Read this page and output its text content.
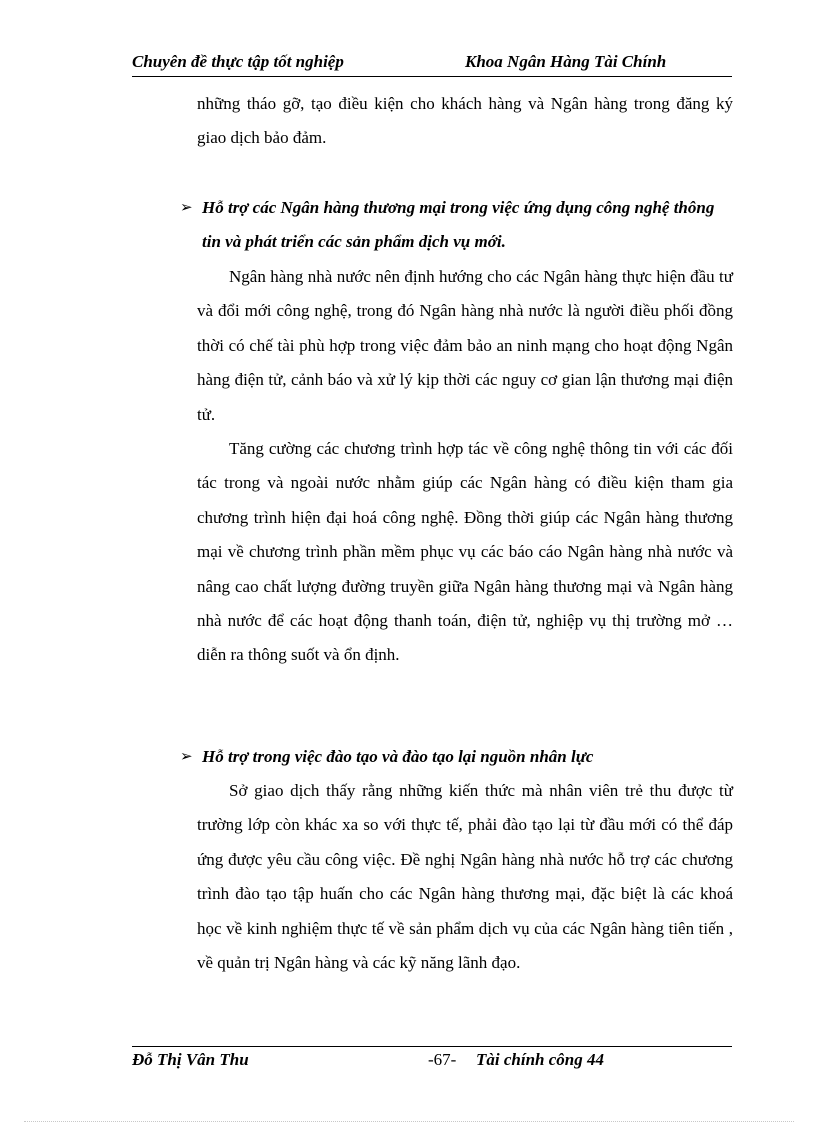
Chuyên đề thực tập tốt nghiệp	Khoa Ngân Hàng Tài Chính

những tháo gỡ, tạo điều kiện cho khách hàng và Ngân hàng trong đăng ký giao dịch bảo đảm.

➢ Hỗ trợ các Ngân hàng thương mại trong việc ứng dụng công nghệ thông tin và phát triển các sản phẩm dịch vụ mới.

Ngân hàng nhà nước nên định hướng cho các Ngân hàng thực hiện đầu tư và đổi mới công nghệ, trong đó Ngân hàng nhà nước là người điều phối đồng thời có chế tài phù hợp trong việc đảm bảo an ninh mạng cho hoạt động Ngân hàng điện tử, cảnh báo và xử lý kịp thời các nguy cơ gian lận thương mại điện tử.

Tăng cường các chương trình hợp tác về công nghệ thông tin với các đối tác trong và ngoài nước nhằm giúp các Ngân hàng có điều kiện tham gia chương trình hiện đại hoá công nghệ. Đồng thời giúp các Ngân hàng thương mại về chương trình phần mềm phục vụ các báo cáo Ngân hàng nhà nước và nâng cao chất lượng đường truyền giữa Ngân hàng thương mại và Ngân hàng nhà nước để các hoạt động thanh toán, điện tử, nghiệp vụ thị trường mở …diễn ra thông suốt và ổn định.

➢ Hỗ trợ trong việc đào tạo và đào tạo lại nguồn nhân lực

Sở giao dịch thấy rằng những kiến thức mà nhân viên trẻ thu được từ trường lớp còn khác xa so với thực tế, phải đào tạo lại từ đầu mới có thể đáp ứng được yêu cầu công việc. Đề nghị Ngân hàng nhà nước hỗ trợ các chương trình đào tạo tập huấn cho các Ngân hàng thương mại, đặc biệt là các khoá học về kinh nghiệm thực tế về sản phẩm dịch vụ của các Ngân hàng tiên tiến , về quản trị Ngân hàng và các kỹ năng lãnh đạo.

Đỗ Thị Vân Thu	-67- Tài chính công 44
